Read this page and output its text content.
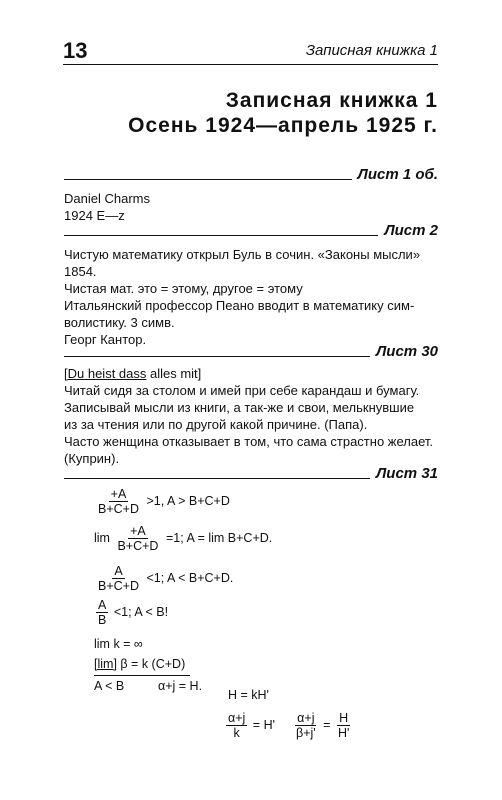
13	Записная книжка 1
Записная книжка 1
Осень 1924—апрель 1925 г.
Лист 1 об.

Daniel Charms

1924 E—z

Лист 2

Чистую математику открыл Буль в сочин. «Законы мысли»

1854.

Чистая мат. это = этому, другое = этому

Итальянский профессор Пеано вводит в математику сим-

волистику. 3 симв.

Георг Кантор.

Лист 30

[Du heist dass alles mit]

Читай сидя за столом и имей при себе карандаш и бумагу.

Записывай мысли из книги, а так-же и свои, мелькнувшие

из за чтения или по другой какой причине. (Папа).

Часто женщина отказывает в том, что сама страстно желает.

(Куприн).

Лист 31
$\frac{+A}{B+C+D} >1$, A > B+C+D
$\lim \frac{+A}{B+C+D} =1$; A = lim B+C+D.
$\frac{A}{B+C+D} <1$; A < B+C+D.
$\frac{A}{B} <1$; A < B!
lim k = ∞
[lim] β = k (C+D)
A < B	α+j = H.
H = kH'
$\frac{\alpha+j}{k} = H' \frac{\alpha+j}{\beta+j'} = \frac{H}{H'}$
